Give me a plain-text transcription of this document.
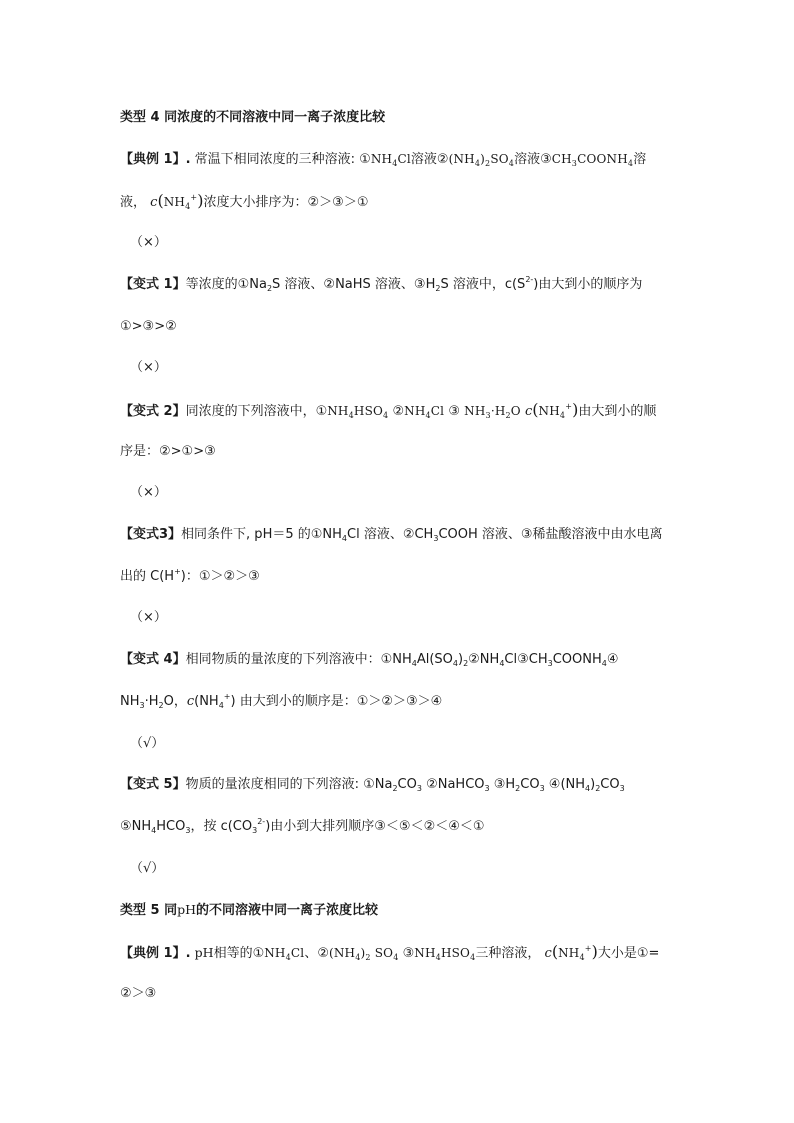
类型 4 同浓度的不同溶液中同一离子浓度比较
【典例 1】. 常温下相同浓度的三种溶液: $①NH_4Cl$溶液$②(NH_4)_2SO_4$溶液$③CH_3COONH_4$溶
液， $c(NH_4^+)$浓度大小排序为：②＞③＞①
（×）
【变式 1】等浓度的$①Na_2S$ 溶液、②NaHS 溶液、$③H_2S$ 溶液中，$c(S^{2-})$由大到小的顺序为
①>③>②
（×）
【变式 2】同浓度的下列溶液中，$①NH_4HSO_4$ $②NH_4Cl$ ③ $NH_3\cdot H_2O$ $c(NH_4^+)$由大到小的顺
序是：②>①>③
（×）
【变式3】相同条件下, pH＝5 的$①NH_4Cl$ 溶液、$②CH_3COOH$ 溶液、③稀盐酸溶液中由水电离
出的 C(H+)：①＞②＞③
（×）
【变式 4】相同物质的量浓度的下列溶液中：$①NH_4Al(SO_4)_2②NH_4Cl③CH_3COONH_4④$
$NH_3\cdot H_2O$，$c(NH_4^+)$ 由大到小的顺序是：①＞②＞③＞④
（√）
【变式 5】物质的量浓度相同的下列溶液: $①Na_2CO_3$ ②NaHCO$_3$ $③H_2CO_3$ $④(NH_4)_2CO_3$
$⑤NH_4HCO_3$，按 $c(CO_3^{2-})$由小到大排列顺序③＜⑤＜②＜④＜①
（√）
类型 5 同pH的不同溶液中同一离子浓度比较
【典例 1】. pH相等的$①NH_4Cl$、$②(NH_4)_2$ $SO_4$ $③NH_4HSO_4$三种溶液， $c(NH_4^+)$大小是①=
②＞③
